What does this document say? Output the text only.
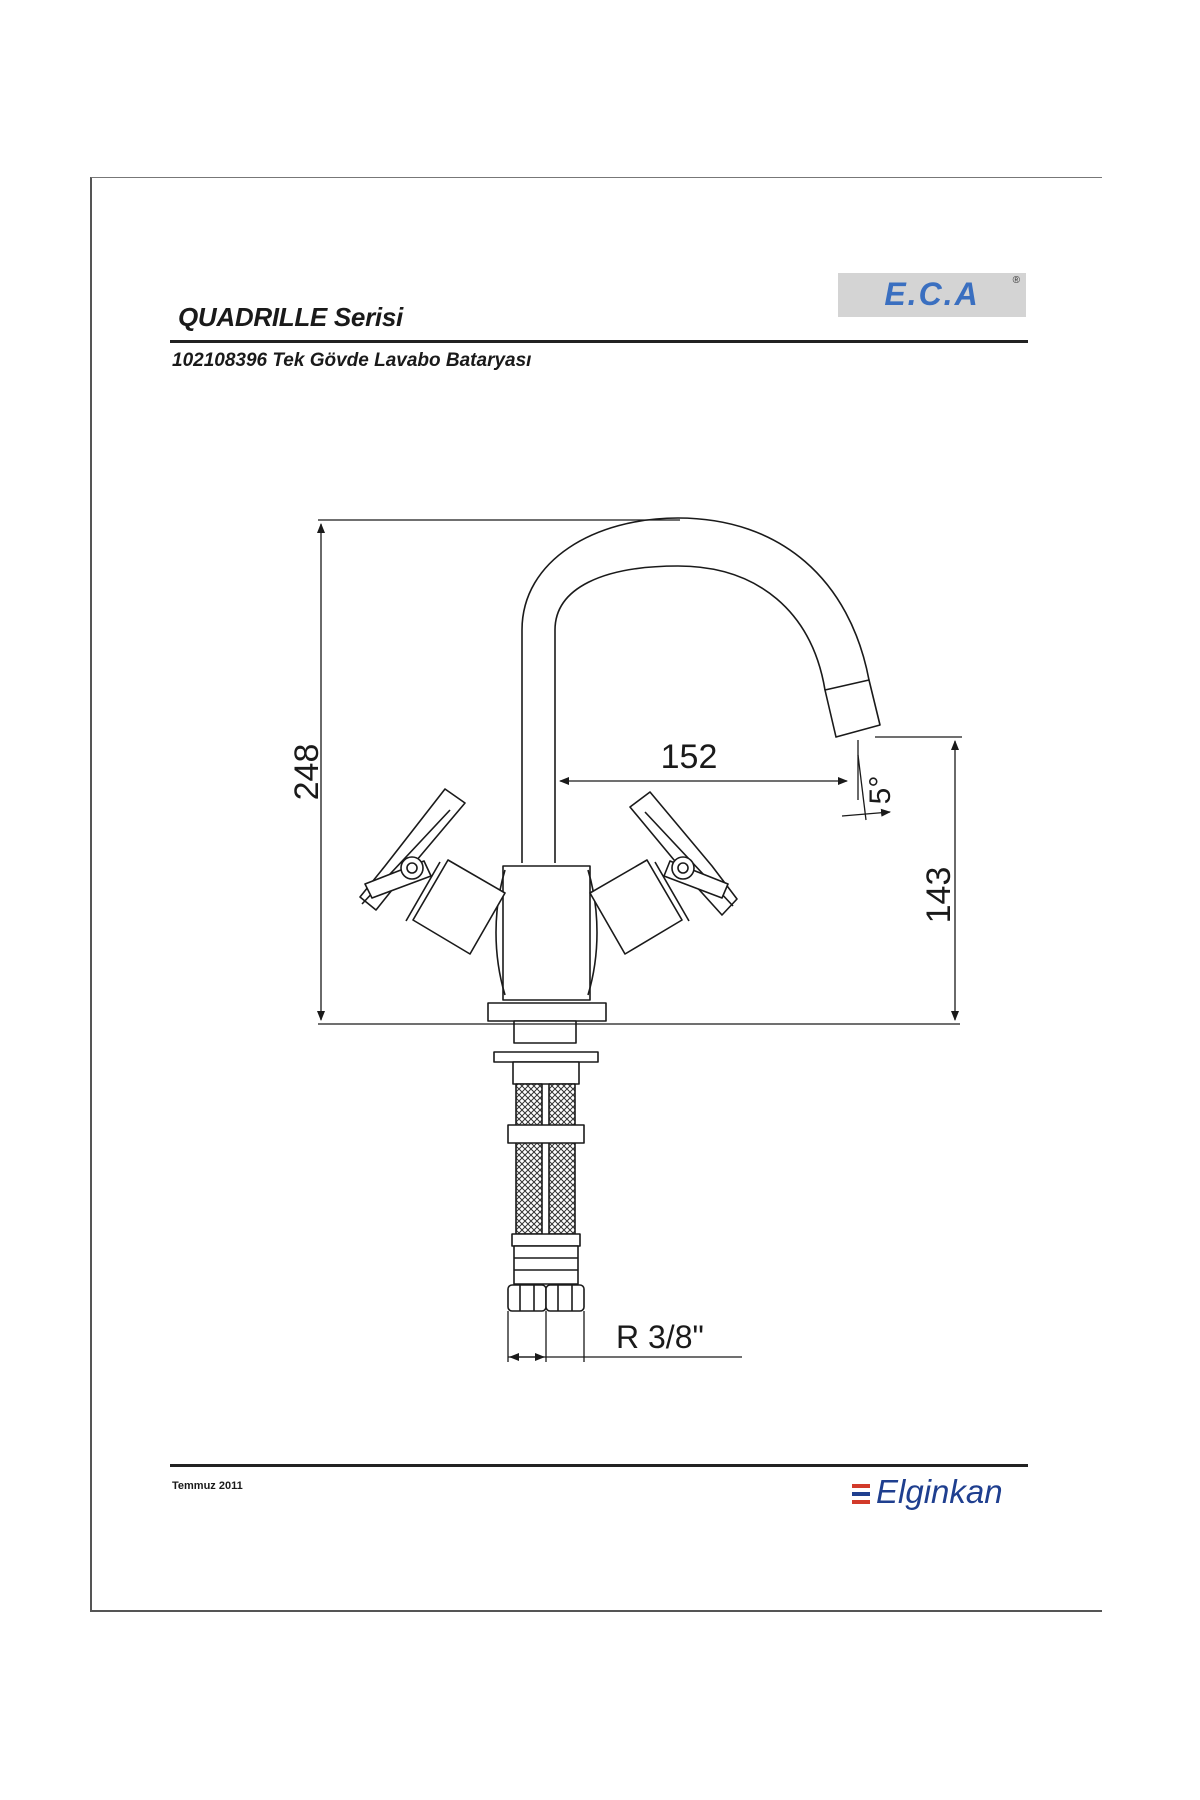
QUADRILLE Serisi
102108396 Tek Gövde Lavabo Bataryası
E.C.A	®
248	152
143
5°
R 3/8"
Temmuz 2011	Elginkan
